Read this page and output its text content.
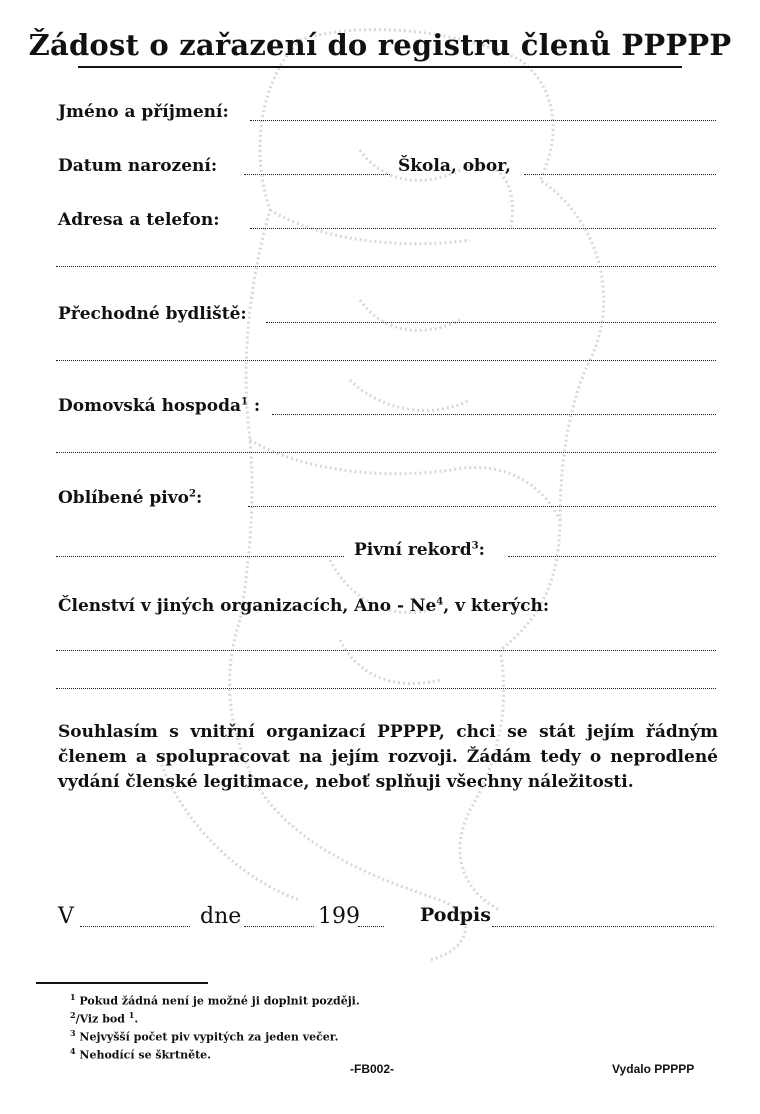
Žádost o zařazení do registru členů PPPPP
Jméno a příjmení:
Datum narození:	Škola, obor,
Adresa a telefon:
Přechodné bydliště:
Domovská hospoda$^1$ :
Oblíbené pivo$^2$:
Pivní rekord$^3$:
Členství v jiných organizacích, Ano - Ne$^4$, v kterých:
Souhlasím s vnitřní organizací PPPPP, chci se stát jejím řádným členem a spolupracovat na jejím rozvoji. Žádám tedy o neprodlené vydání členské legitimace, neboť splňuji všechny náležitosti.
V	dne	199	Podpis
$^1$ Pokud žádná není je možné ji doplnit později.
$^2$/Viz bod $^1$.
$^3$ Nejvyšší počet piv vypitých za jeden večer.
$^4$ Nehodící se škrtněte.
-FB002-	Vydalo PPPPP
